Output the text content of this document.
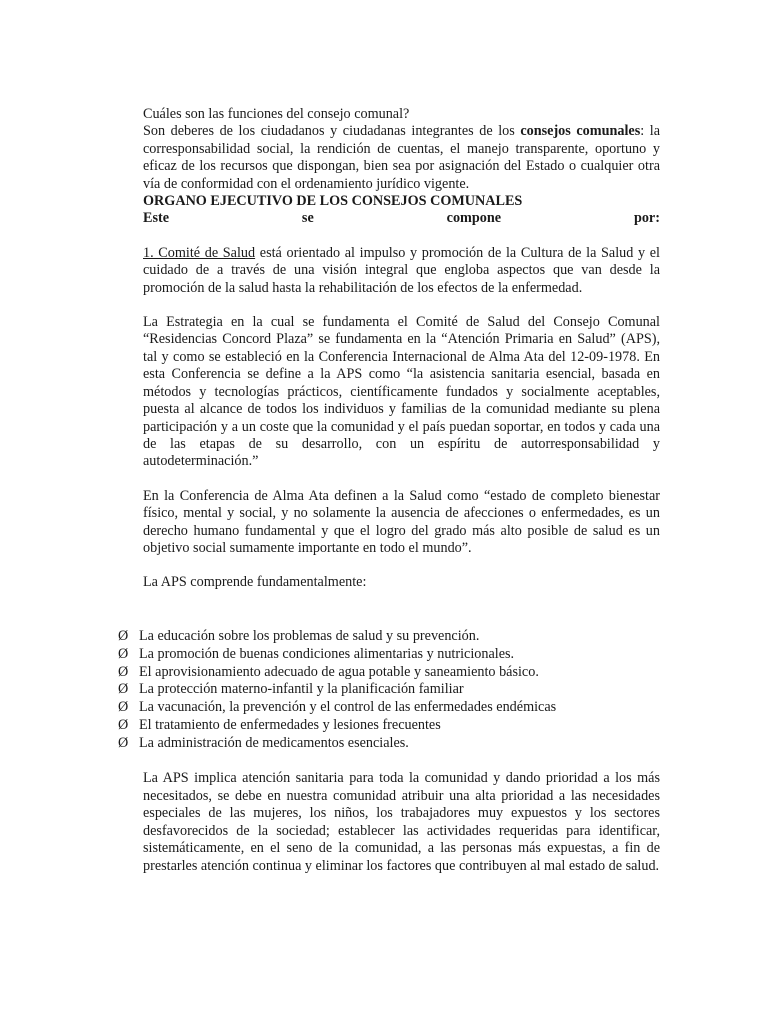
Cuáles son las funciones del consejo comunal?

Son deberes de los ciudadanos y ciudadanas integrantes de los consejos comunales: la corresponsabilidad social, la rendición de cuentas, el manejo transparente, oportuno y eficaz de los recursos que dispongan, bien sea por asignación del Estado o cualquier otra vía de conformidad con el ordenamiento jurídico vigente.

ORGANO EJECUTIVO DE LOS CONSEJOS COMUNALES

Este	se	compone	por:

1. Comité de Salud está orientado al impulso y promoción de la Cultura de la Salud y el cuidado de a través de una visión integral que engloba aspectos que van desde la promoción de la salud hasta la rehabilitación de los efectos de la enfermedad.

La Estrategia en la cual se fundamenta el Comité de Salud del Consejo Comunal “Residencias Concord Plaza” se fundamenta en la “Atención Primaria en Salud” (APS), tal y como se estableció en la Conferencia Internacional de Alma Ata del 12-09-1978. En esta Conferencia se define a la APS como “la asistencia sanitaria esencial, basada en métodos y tecnologías prácticos, científicamente fundados y socialmente aceptables, puesta al alcance de todos los individuos y familias de la comunidad mediante su plena participación y a un coste que la comunidad y el país puedan soportar, en todos y cada una de las etapas de su desarrollo, con un espíritu de autorresponsabilidad y autodeterminación.”

En la Conferencia de Alma Ata definen a la Salud como “estado de completo bienestar físico, mental y social, y no solamente la ausencia de afecciones o enfermedades, es un derecho humano fundamental y que el logro del grado más alto posible de salud es un objetivo social sumamente importante en todo el mundo”.

La APS comprende fundamentalmente:

Ø La educación sobre los problemas de salud y su prevención.
Ø La promoción de buenas condiciones alimentarias y nutricionales.
Ø El aprovisionamiento adecuado de agua potable y saneamiento básico.
Ø La protección materno-infantil y la planificación familiar
Ø La vacunación, la prevención y el control de las enfermedades endémicas
Ø El tratamiento de enfermedades y lesiones frecuentes
Ø La administración de medicamentos esenciales.

La APS implica atención sanitaria para toda la comunidad y dando prioridad a los más necesitados, se debe en nuestra comunidad atribuir una alta prioridad a las necesidades especiales de las mujeres, los niños, los trabajadores muy expuestos y los sectores desfavorecidos de la sociedad; establecer las actividades requeridas para identificar, sistemáticamente, en el seno de la comunidad, a las personas más expuestas, a fin de prestarles atención continua y eliminar los factores que contribuyen al mal estado de salud.
